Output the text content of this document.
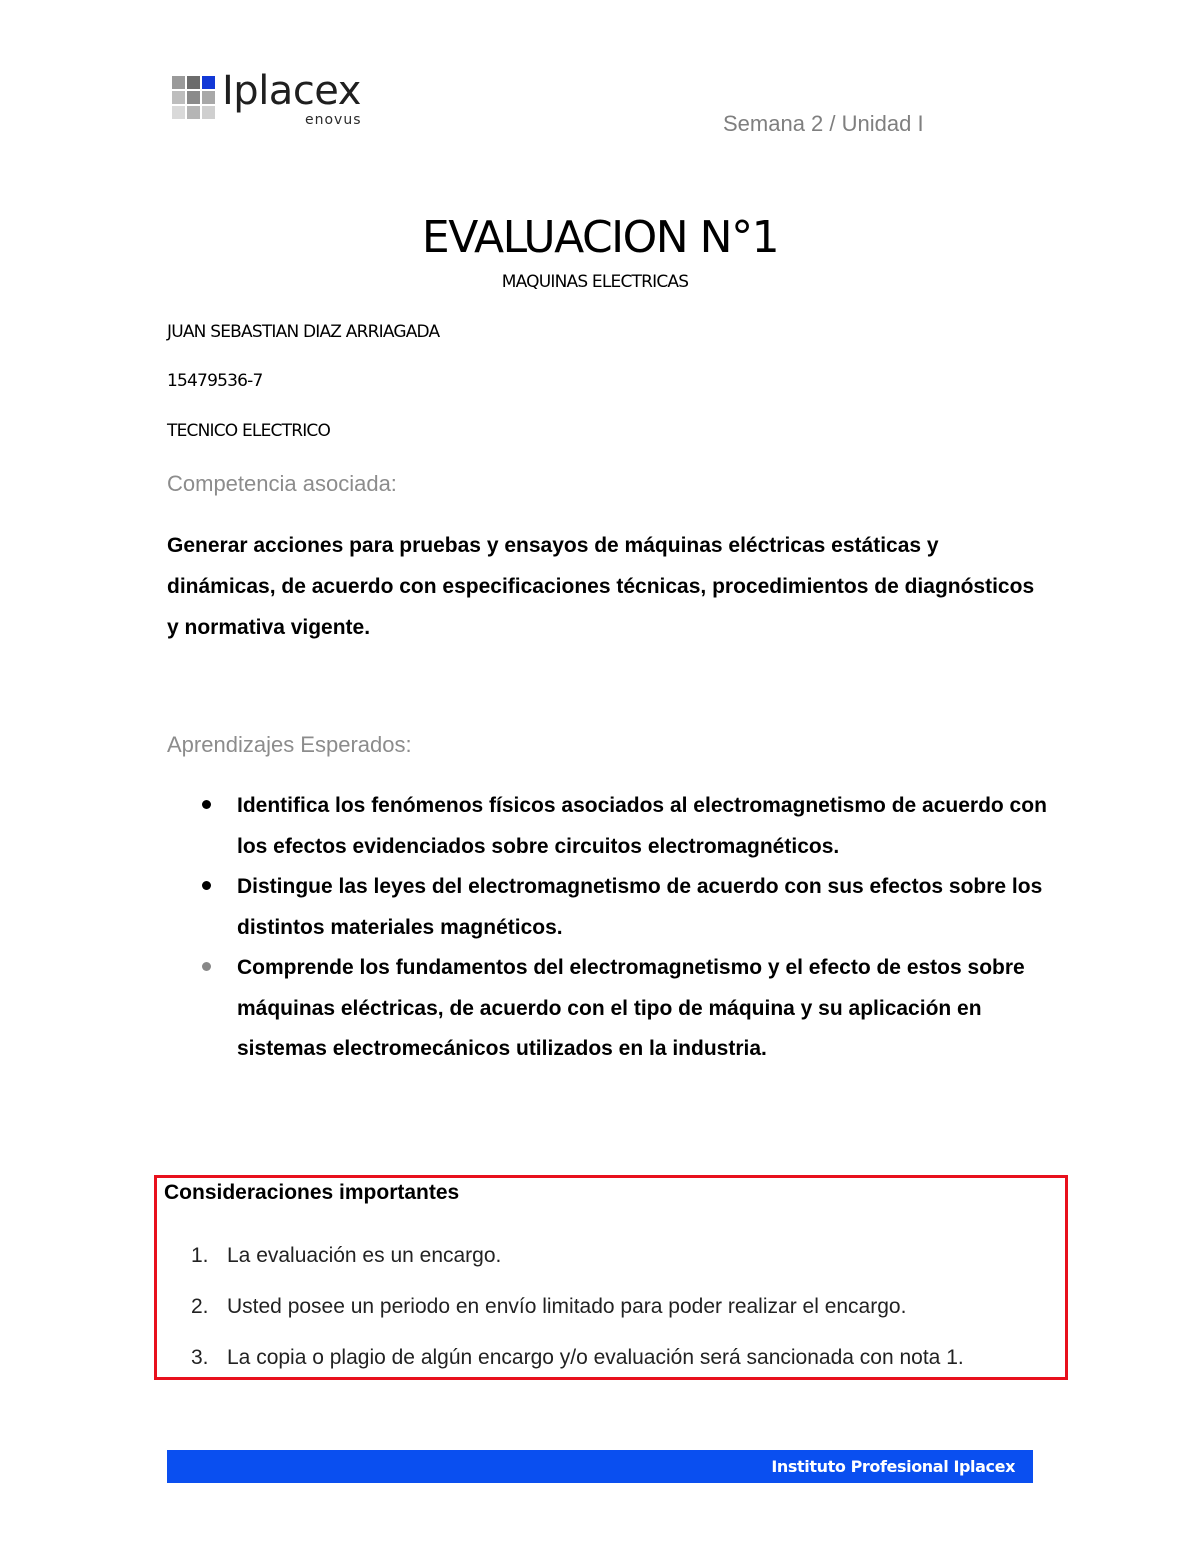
Iplacex
enovus	Semana 2 / Unidad I
EVALUACION N°1
MAQUINAS ELECTRICAS
JUAN SEBASTIAN DIAZ ARRIAGADA
15479536-7
TECNICO ELECTRICO
Competencia asociada:

Generar acciones para pruebas y ensayos de máquinas eléctricas estáticas y dinámicas, de acuerdo con especificaciones técnicas, procedimientos de diagnósticos y normativa vigente.

Aprendizajes Esperados:
Identifica los fenómenos físicos asociados al electromagnetismo de acuerdo con los efectos evidenciados sobre circuitos electromagnéticos.
Distingue las leyes del electromagnetismo de acuerdo con sus efectos sobre los distintos materiales magnéticos.
Comprende los fundamentos del electromagnetismo y el efecto de estos sobre máquinas eléctricas, de acuerdo con el tipo de máquina y su aplicación en sistemas electromecánicos utilizados en la industria.
Consideraciones importantes
1. La evaluación es un encargo.
2. Usted posee un periodo en envío limitado para poder realizar el encargo.
3. La copia o plagio de algún encargo y/o evaluación será sancionada con nota 1.
Instituto Profesional Iplacex
